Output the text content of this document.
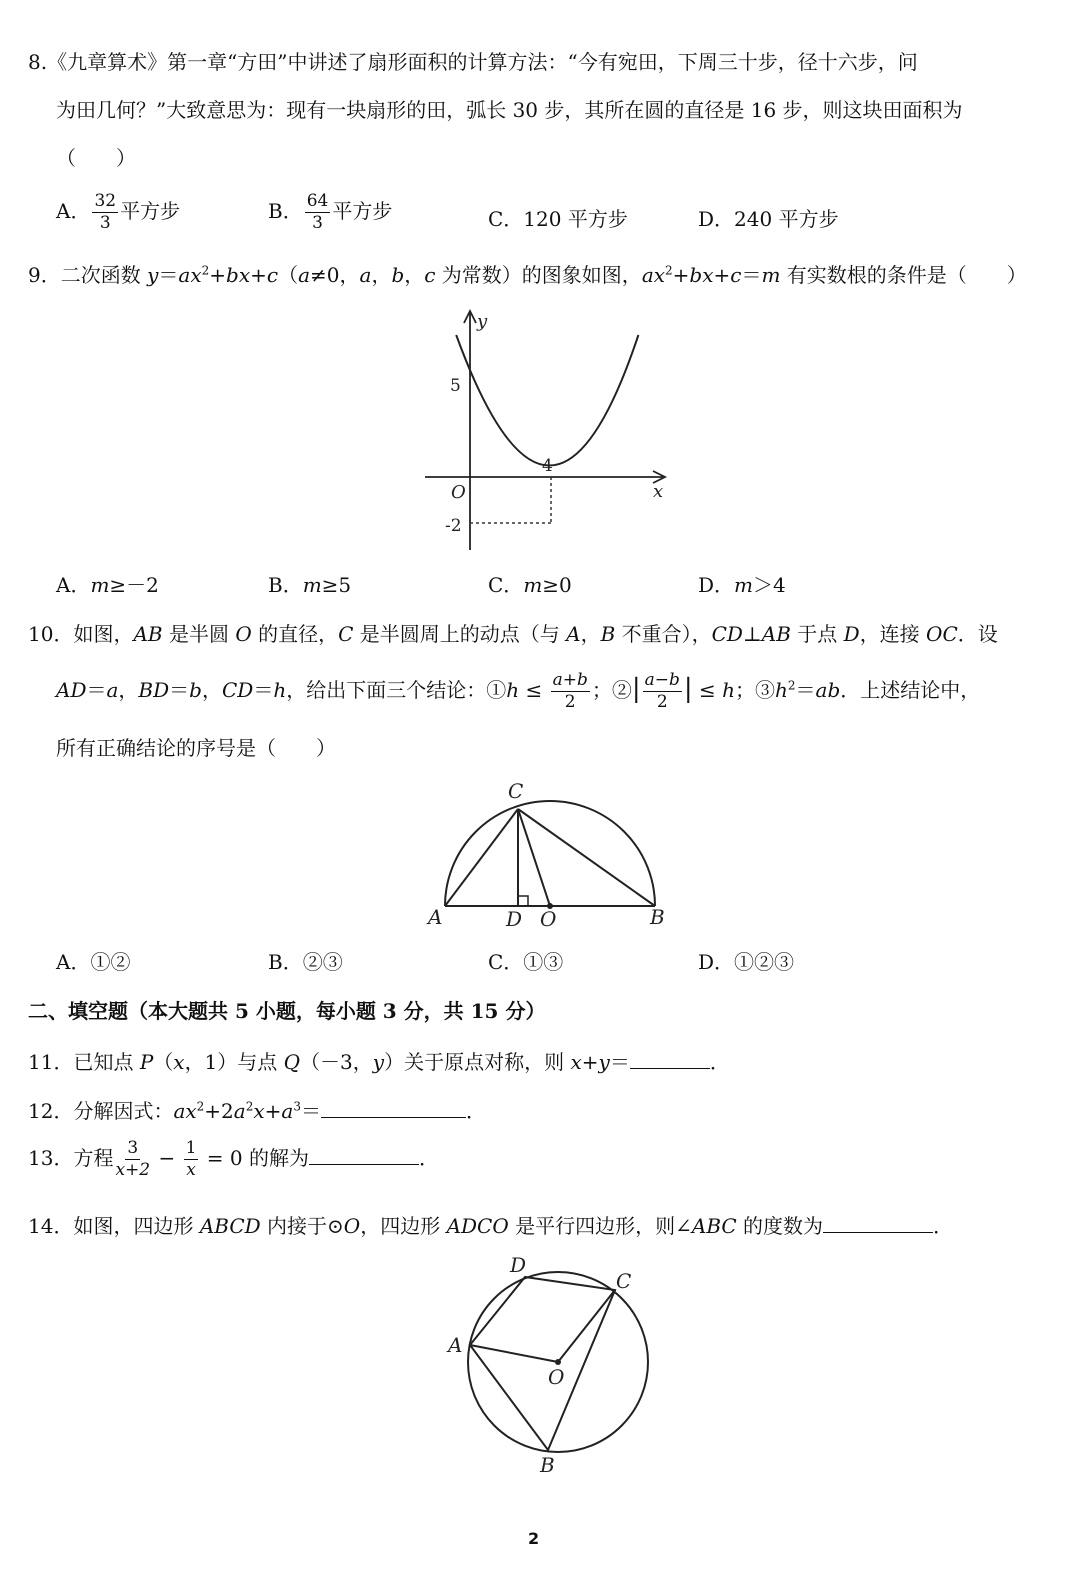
8.《九章算术》第一章“方田”中讲述了扇形面积的计算方法：“今有宛田，下周三十步，径十六步，问
为田几何？”大致意思为：现有一块扇形的田，弧长 30 步，其所在圆的直径是 16 步，则这块田面积为
（　　）
A． $\frac{32}{3}$ 平方步	B． $\frac{64}{3}$ 平方步	C．120 平方步	D．240 平方步
9．二次函数 $y=ax^2+bx+c(a\ne 0$，a，b，c 为常数）的图象如图，$ax^2+bx+c=m$ 有实数根的条件是（　　）
y
x
O
5
4
-2
A．m≥－2	B．m≥5	C．m≥0	D．m＞4
10．如图，AB 是半圆 O 的直径，C 是半圆周上的动点（与 A，B 不重合），CD⊥AB 于点 D，连接 OC．设
AD＝a，BD＝b，CD＝h，给出下面三个结论：①h ≤ $\frac{a+b}{2}$ ；②| $\frac{a-b}{2}$ | ≤ h；$③h^2=ab$．上述结论中，
所有正确结论的序号是（　　）
C
A	D O	B
A．①②	B．②③	C．①③	D．①②③
二、填空题（本大题共 5 小题，每小题 3 分，共 15 分）
11．已知点 P（x，1）与点 Q（－3，y）关于原点对称，则 x+y＝	．
12．分解因式：$ax^2+2a^2x+a^3=$	．
13．方程 $\frac{3}{x+2} - \frac{1}{x} = 0$ 的解为	．
14．如图，四边形 ABCD 内接于⊙O，四边形 ADCO 是平行四边形，则∠ABC 的度数为	．
D
C
A
O
B
2
